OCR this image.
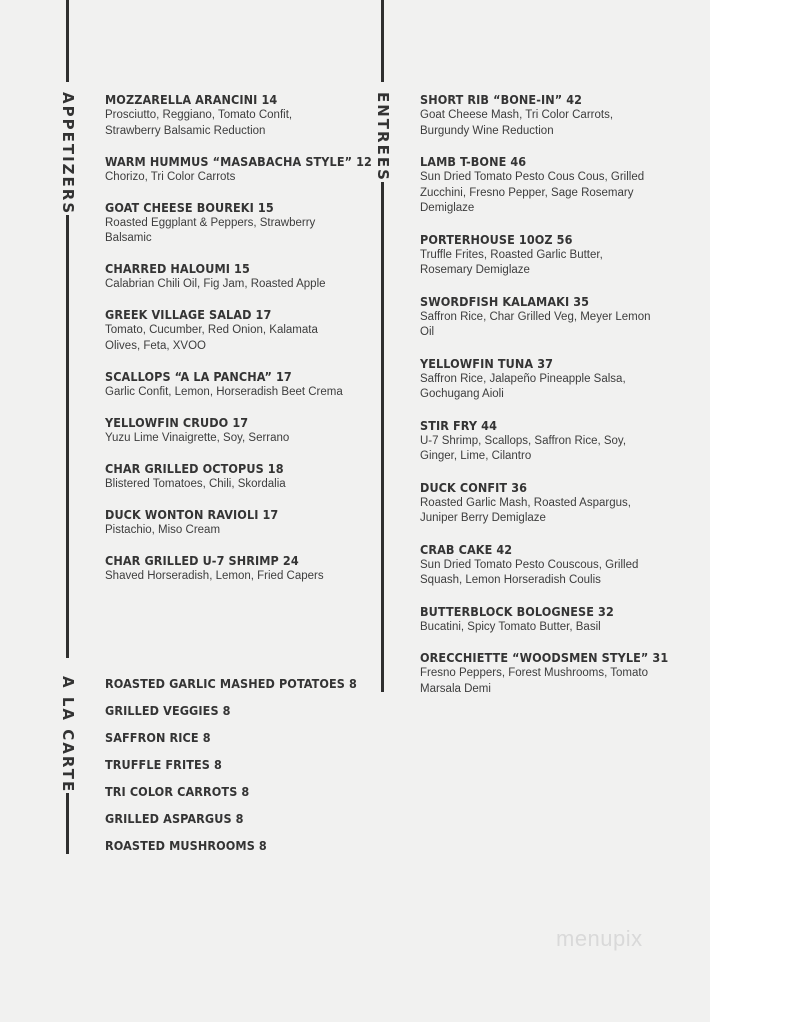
APPETIZERS
A LA CARTE
ENTREES
MOZZARELLA ARANCINI 14
Prosciutto, Reggiano, Tomato Confit, Strawberry Balsamic Reduction
WARM HUMMUS “MASABACHA STYLE” 12
Chorizo, Tri Color Carrots
GOAT CHEESE BOUREKI 15
Roasted Eggplant & Peppers, Strawberry Balsamic
CHARRED HALOUMI 15
Calabrian Chili Oil, Fig Jam, Roasted Apple
GREEK VILLAGE SALAD 17
Tomato, Cucumber, Red Onion, Kalamata Olives, Feta, XVOO
SCALLOPS “A LA PANCHA” 17
Garlic Confit, Lemon, Horseradish Beet Crema
YELLOWFIN CRUDO 17
Yuzu Lime Vinaigrette, Soy, Serrano
CHAR GRILLED OCTOPUS 18
Blistered Tomatoes, Chili, Skordalia
DUCK WONTON RAVIOLI 17
Pistachio, Miso Cream
CHAR GRILLED U-7 SHRIMP 24
Shaved Horseradish, Lemon, Fried Capers
SHORT RIB “BONE-IN” 42
Goat Cheese Mash, Tri Color Carrots, Burgundy Wine Reduction
LAMB T-BONE 46
Sun Dried Tomato Pesto Cous Cous, Grilled Zucchini, Fresno Pepper, Sage Rosemary Demiglaze
PORTERHOUSE 10OZ 56
Truffle Frites, Roasted Garlic Butter, Rosemary Demiglaze
SWORDFISH KALAMAKI 35
Saffron Rice, Char Grilled Veg, Meyer Lemon Oil
YELLOWFIN TUNA 37
Saffron Rice, Jalapeño Pineapple Salsa, Gochugang Aioli
STIR FRY 44
U-7 Shrimp, Scallops, Saffron Rice, Soy, Ginger, Lime, Cilantro
DUCK CONFIT 36
Roasted Garlic Mash, Roasted Aspargus, Juniper Berry Demiglaze
CRAB CAKE 42
Sun Dried Tomato Pesto Couscous, Grilled Squash, Lemon Horseradish Coulis
BUTTERBLOCK BOLOGNESE 32
Bucatini, Spicy Tomato Butter, Basil
ORECCHIETTE “WOODSMEN STYLE” 31
Fresno Peppers, Forest Mushrooms, Tomato Marsala Demi
ROASTED GARLIC MASHED POTATOES 8
GRILLED VEGGIES 8
SAFFRON RICE 8
TRUFFLE FRITES 8
TRI COLOR CARROTS 8
GRILLED ASPARGUS 8
ROASTED MUSHROOMS 8
menupix
